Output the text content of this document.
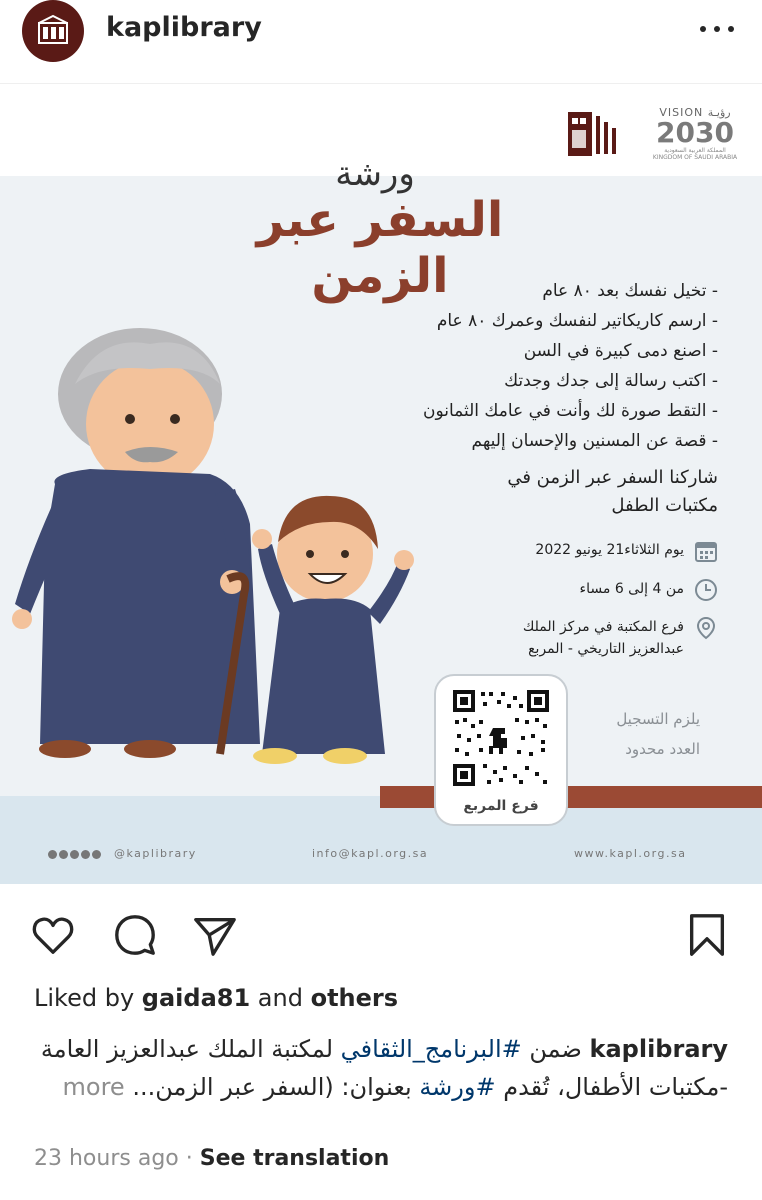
kaplibrary
VISION رؤيـة
2030
المملكة العربية السعودية KINGDOM OF SAUDI ARABIA
ورشة
السفر عبر الزمن	- تخيل نفسك بعد ٨٠ عام
- ارسم كاريكاتير لنفسك وعمرك ٨٠ عام
- اصنع دمى كبيرة في السن
- اكتب رسالة إلى جدك وجدتك
- التقط صورة لك وأنت في عامك الثمانون
- قصة عن المسنين والإحسان إليهم
شاركنا السفر عبر الزمن في
مكتبات الطفل
يوم الثلاثاء21 يونيو 2022
من 4 إلى 6 مساء
فرع المكتبة في مركز الملك
عبدالعزيز التاريخي - المربع
فرع المربع
يلزم التسجيل
العدد محدود
@kaplibrary	info@kapl.org.sa	www.kapl.org.sa
Liked by gaida81 and others
kaplibrary ضمن #البرنامج_الثقافي لمكتبة الملك عبدالعزيز العامة -مكتبات الأطفال، تُقدم #ورشة بعنوان: (السفر عبر الزمن... more
23 hours ago · See translation
